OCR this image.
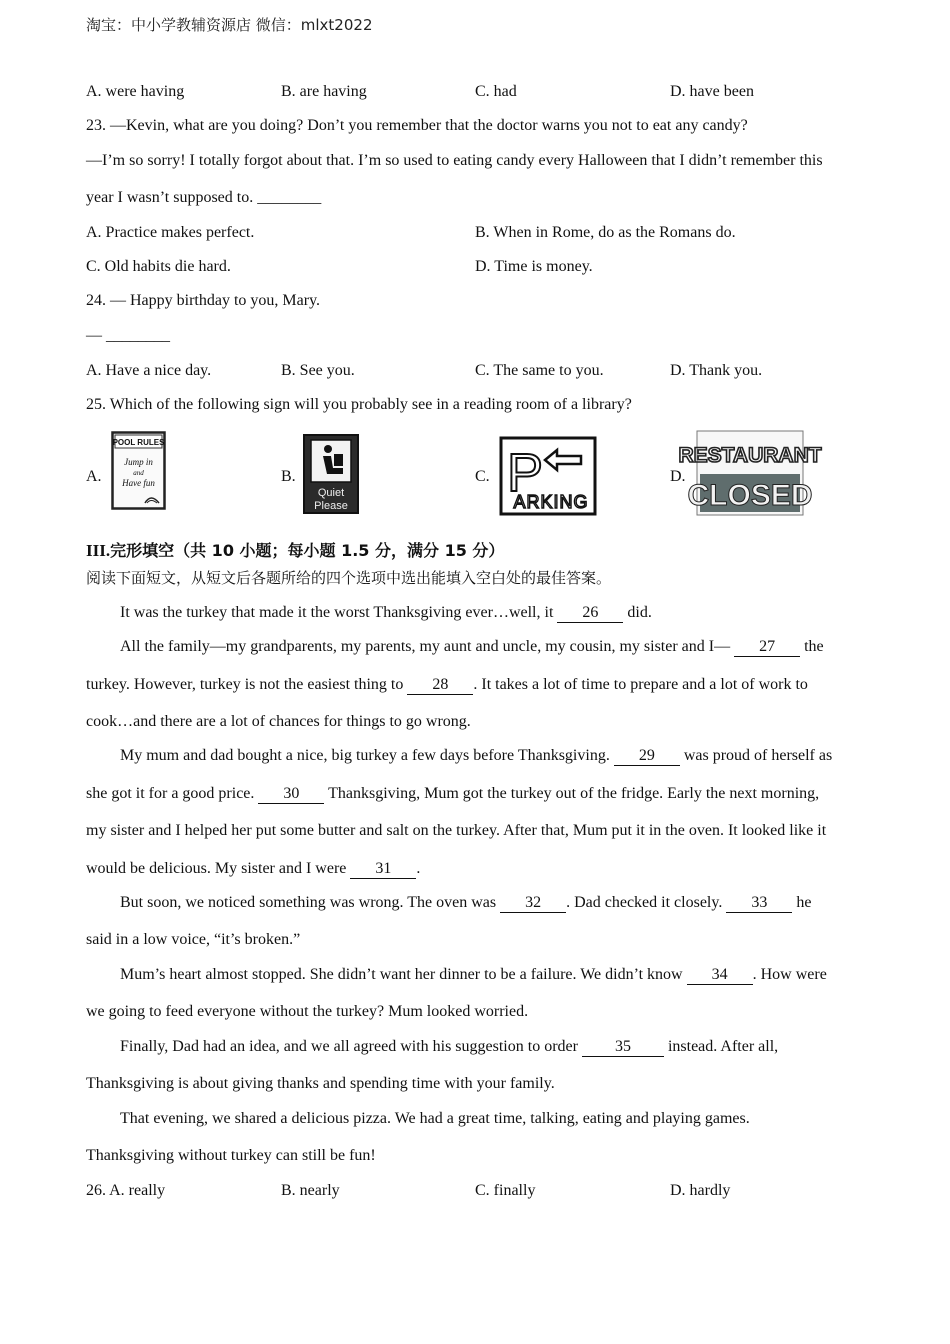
淘宝：中小学教辅资源店 微信：mlxt2022
A. were having	B. are having	C. had	D. have been
23. —Kevin, what are you doing? Don’t you remember that the doctor warns you not to eat any candy?
—I’m so sorry! I totally forgot about that. I’m so used to eating candy every Halloween that I didn’t remember this
year I wasn’t supposed to. ________
A. Practice makes perfect.	B. When in Rome, do as the Romans do.
C. Old habits die hard.	D. Time is money.
24. — Happy birthday to you, Mary.
— ________
A. Have a nice day.	B. See you.	C. The same to you.	D. Thank you.
25. Which of the following sign will you probably see in a reading room of a library?
A.
POOL RULES
Jump in
and
Have fun	B.
Quiet
Please
C. P
ARKING
D.
RESTAURANT
CLOSED
III.完形填空（共 10 小题；每小题 1.5 分，满分 15 分）
阅读下面短文，从短文后各题所给的四个选项中选出能填入空白处的最佳答案。
It was the turkey that made it the worst Thanksgiving ever…well, it 26 did.
All the family—my grandparents, my parents, my aunt and uncle, my cousin, my sister and I— 27 the
turkey. However, turkey is not the easiest thing to 28 . It takes a lot of time to prepare and a lot of work to
cook…and there are a lot of chances for things to go wrong.
My mum and dad bought a nice, big turkey a few days before Thanksgiving. 29 was proud of herself as
she got it for a good price. 30 Thanksgiving, Mum got the turkey out of the fridge. Early the next morning,
my sister and I helped her put some butter and salt on the turkey. After that, Mum put it in the oven. It looked like it
would be delicious. My sister and I were 31 .
But soon, we noticed something was wrong. The oven was 32 . Dad checked it closely. 33 he
said in a low voice, “it’s broken.”
Mum’s heart almost stopped. She didn’t want her dinner to be a failure. We didn’t know 34 . How were
we going to feed everyone without the turkey? Mum looked worried.
Finally, Dad had an idea, and we all agreed with his suggestion to order 35 instead. After all,
Thanksgiving is about giving thanks and spending time with your family.
That evening, we shared a delicious pizza. We had a great time, talking, eating and playing games.
Thanksgiving without turkey can still be fun!
26. A. really	B. nearly	C. finally	D. hardly
